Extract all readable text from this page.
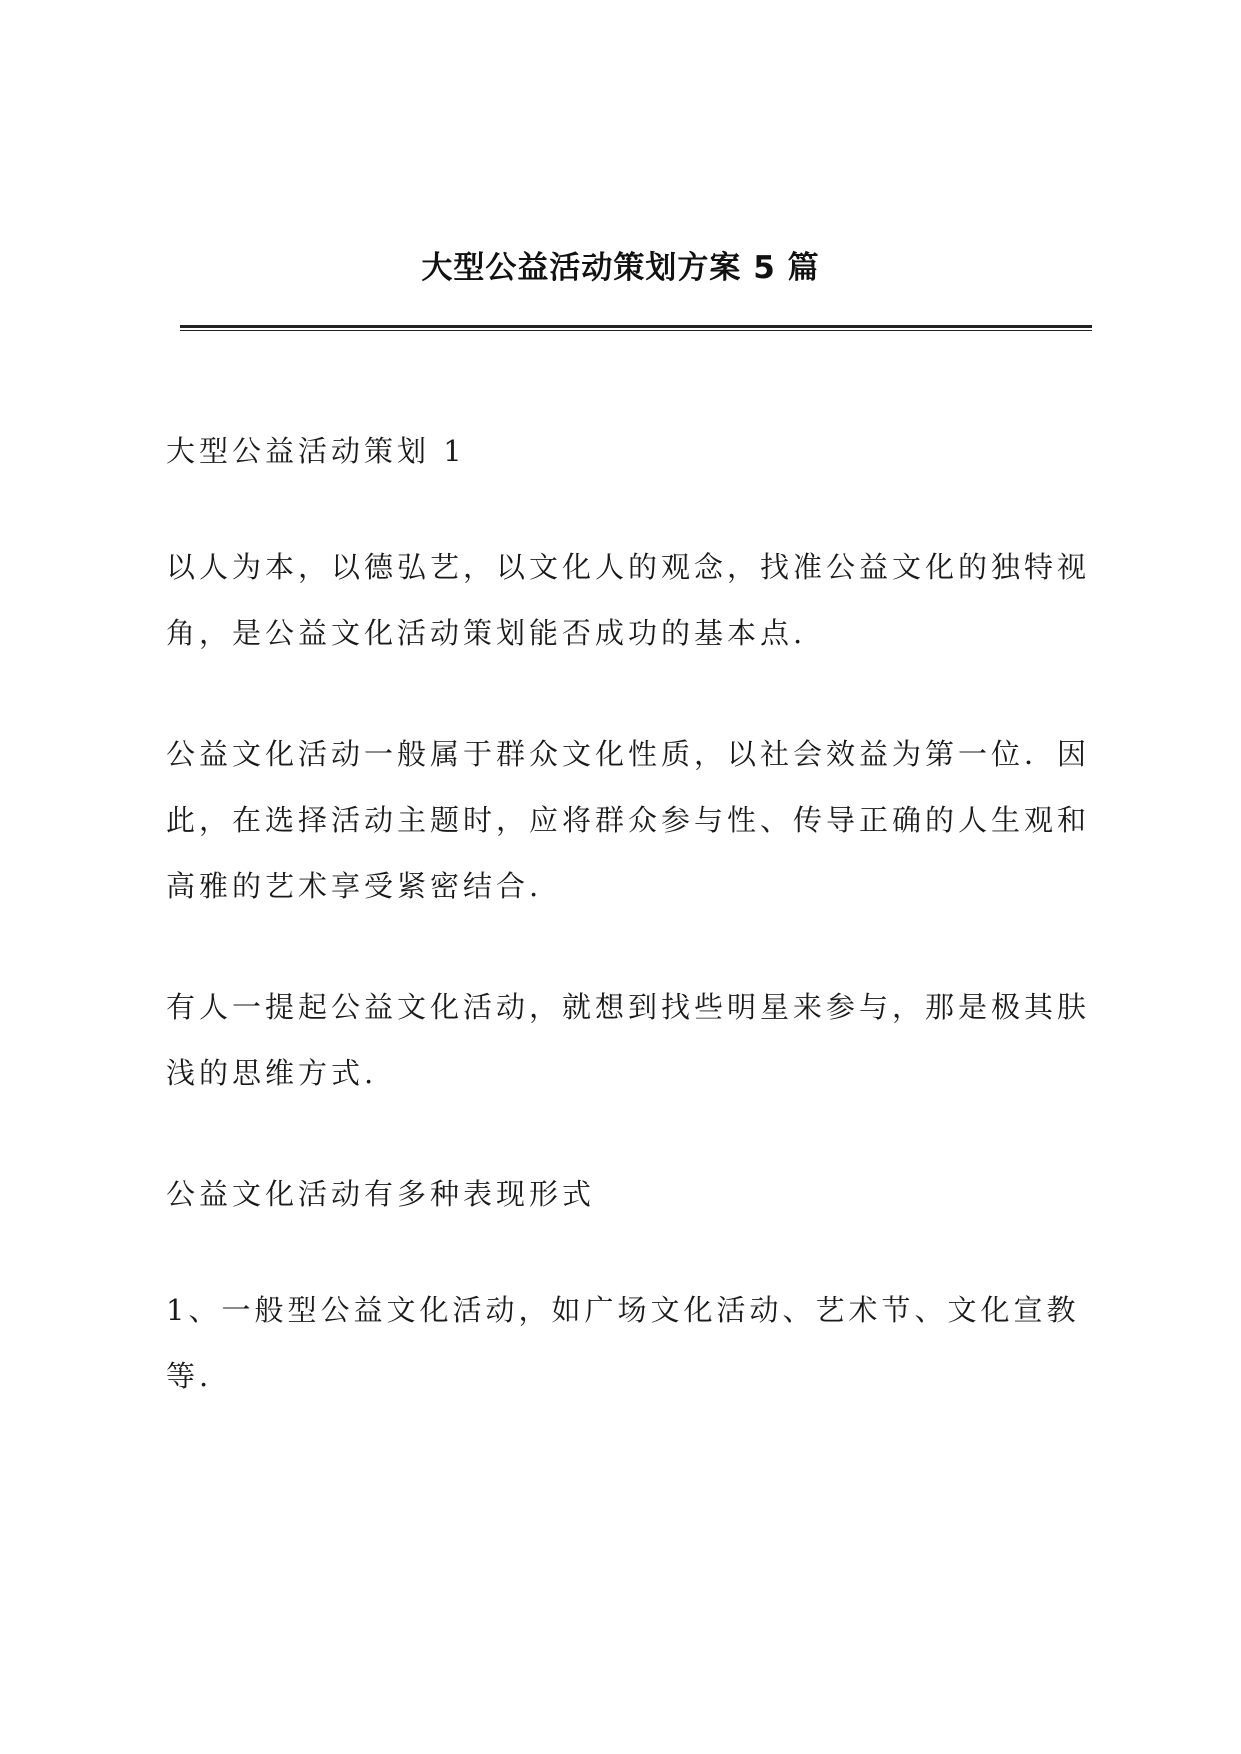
大型公益活动策划方案 5 篇

大型公益活动策划 1

以人为本，以德弘艺，以文化人的观念，找准公益文化的独特视角，是公益文化活动策划能否成功的基本点.

公益文化活动一般属于群众文化性质，以社会效益为第一位．因此，在选择活动主题时，应将群众参与性、传导正确的人生观和高雅的艺术享受紧密结合.

有人一提起公益文化活动，就想到找些明星来参与，那是极其肤浅的思维方式.

公益文化活动有多种表现形式

1、一般型公益文化活动，如广场文化活动、艺术节、文化宣教等.
